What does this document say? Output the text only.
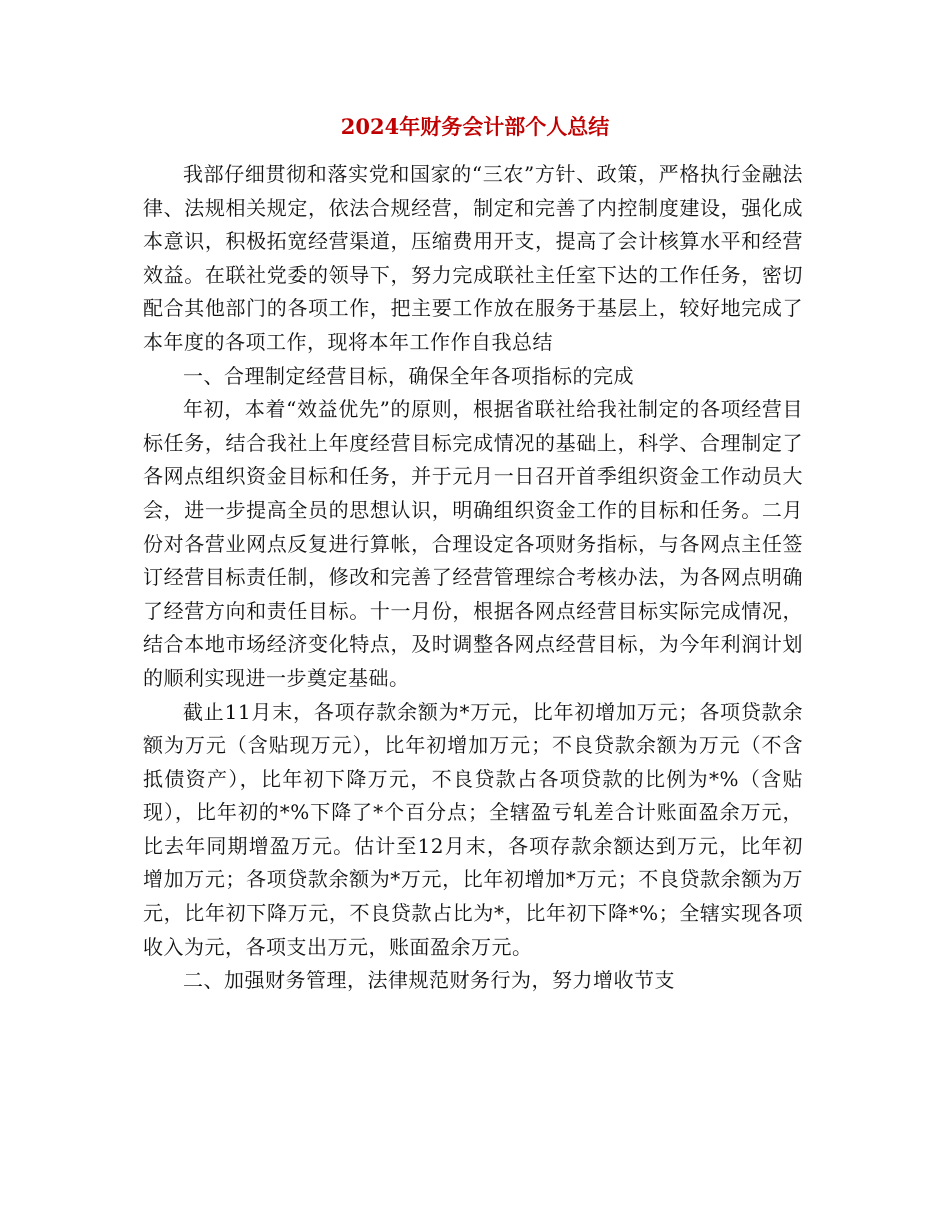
2024年财务会计部个人总结

我部仔细贯彻和落实党和国家的“三农”方针、政策，严格执行金融法律、法规相关规定，依法合规经营，制定和完善了内控制度建设，强化成本意识，积极拓宽经营渠道，压缩费用开支，提高了会计核算水平和经营效益。在联社党委的领导下，努力完成联社主任室下达的工作任务，密切配合其他部门的各项工作，把主要工作放在服务于基层上，较好地完成了本年度的各项工作，现将本年工作作自我总结

一、合理制定经营目标，确保全年各项指标的完成

年初，本着“效益优先”的原则，根据省联社给我社制定的各项经营目标任务，结合我社上年度经营目标完成情况的基础上，科学、合理制定了各网点组织资金目标和任务，并于元月一日召开首季组织资金工作动员大会，进一步提高全员的思想认识，明确组织资金工作的目标和任务。二月份对各营业网点反复进行算帐，合理设定各项财务指标，与各网点主任签订经营目标责任制，修改和完善了经营管理综合考核办法，为各网点明确了经营方向和责任目标。十一月份，根据各网点经营目标实际完成情况，结合本地市场经济变化特点，及时调整各网点经营目标，为今年利润计划的顺利实现进一步奠定基础。

截止11月末，各项存款余额为*万元，比年初增加万元；各项贷款余额为万元（含贴现万元），比年初增加万元；不良贷款余额为万元（不含抵债资产），比年初下降万元，不良贷款占各项贷款的比例为*%（含贴现），比年初的*%下降了*个百分点；全辖盈亏轧差合计账面盈余万元，比去年同期增盈万元。估计至12月末，各项存款余额达到万元，比年初增加万元；各项贷款余额为*万元，比年初增加*万元；不良贷款余额为万元，比年初下降万元，不良贷款占比为*，比年初下降*%；全辖实现各项收入为元，各项支出万元，账面盈余万元。

二、加强财务管理，法律规范财务行为，努力增收节支
